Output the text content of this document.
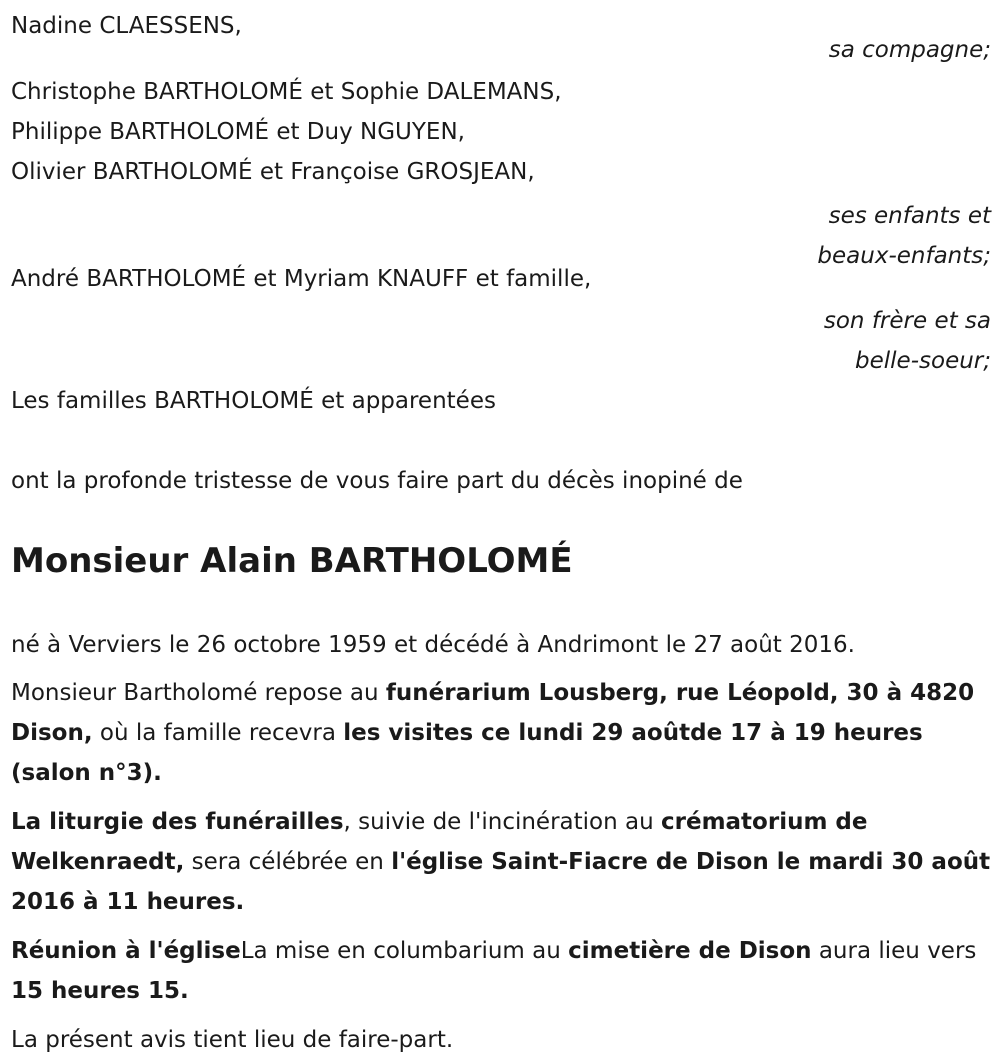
Nadine CLAESSENS,

sa compagne;

Christophe BARTHOLOMÉ et Sophie DALEMANS,

Philippe BARTHOLOMÉ et Duy NGUYEN,

Olivier BARTHOLOMÉ et Françoise GROSJEAN,

ses enfants et
beaux-enfants;

André BARTHOLOMÉ et Myriam KNAUFF et famille,

son frère et sa
belle-soeur;

Les familles BARTHOLOMÉ et apparentées

ont la profonde tristesse de vous faire part du décès inopiné de

Monsieur Alain BARTHOLOMÉ

né à Verviers le 26 octobre 1959 et décédé à Andrimont le 27 août 2016.

Monsieur Bartholomé repose au funérarium Lousberg, rue Léopold, 30 à 4820 Dison, où la famille recevra les visites ce lundi 29 aoûtde 17 à 19 heures (salon n°3).

La liturgie des funérailles, suivie de l'incinération au crématorium de Welkenraedt, sera célébrée en l'église Saint-Fiacre de Dison le mardi 30 août 2016 à 11 heures.

Réunion à l'égliseLa mise en columbarium au cimetière de Dison aura lieu vers 15 heures 15.

La présent avis tient lieu de faire-part.
